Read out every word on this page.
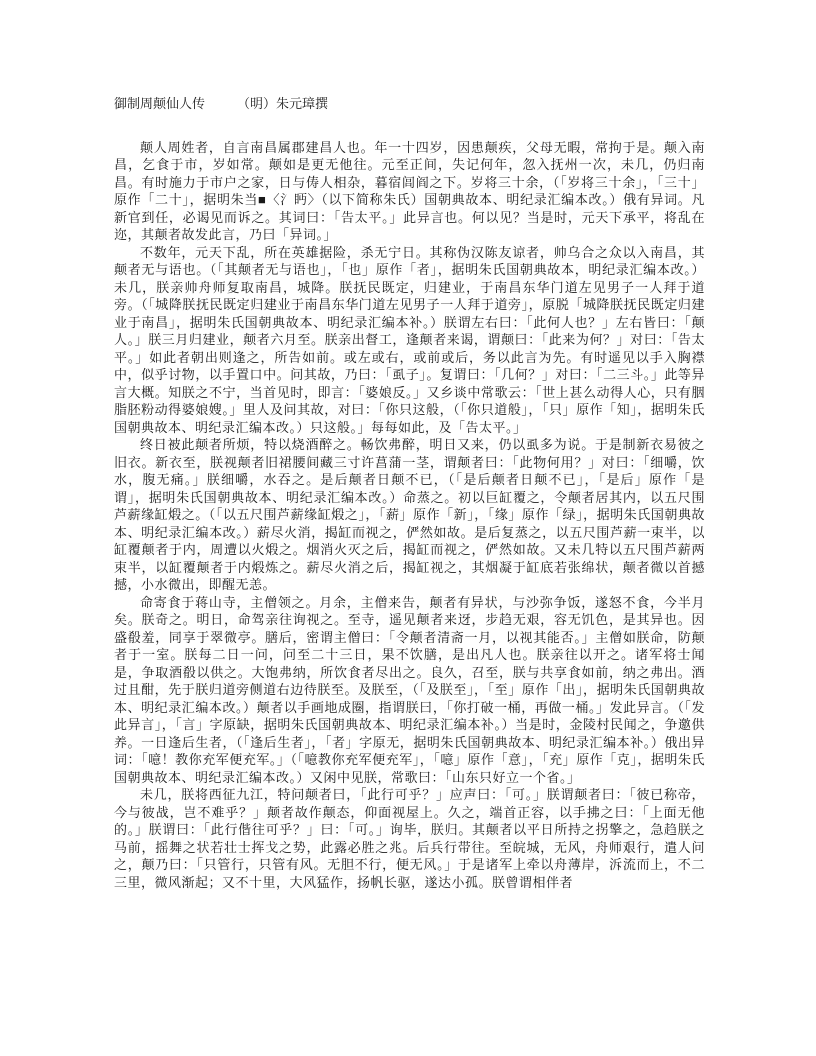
御制周颠仙人传 （明）朱元璋撰

颠人周姓者，自言南昌属郡建昌人也。年一十四岁，因患颠疾，父母无暇，常拘于是。颠入南昌，乞食于市，岁如常。颠如是更无他往。元至正间，失记何年，忽入抚州一次，未几，仍归南昌。有时施力于市户之家，日与俦人相杂，暮宿闾阎之下。岁将三十余，（「岁将三十余」，「三十」原作「二十」，据明朱当■〈氵眄〉（以下简称朱氏）国朝典故本、明纪录汇编本改。）俄有异词。凡新官到任，必谒见而诉之。其词曰：「告太平。」此异言也。何以见？当是时，元天下承平，将乱在迩，其颠者故发此言，乃曰「异词。」

不数年，元天下乱，所在英雄据险，杀无宁日。其称伪汉陈友谅者，帅乌合之众以入南昌，其颠者无与语也。（「其颠者无与语也」，「也」原作「者」，据明朱氏国朝典故本，明纪录汇编本改。）未几，朕亲帅舟师复取南昌，城降。朕抚民既定，归建业，于南昌东华门道左见男子一人拜于道旁。（「城降朕抚民既定归建业于南昌东华门道左见男子一人拜于道旁」，原脱「城降朕抚民既定归建业于南昌」，据明朱氏国朝典故本、明纪录汇编本补。）朕谓左右曰：「此何人也？」左右皆曰：「颠人。」朕三月归建业，颠者六月至。朕亲出督工，逢颠者来谒，谓颠曰：「此来为何？」对曰：「告太平。」如此者朝出则逢之，所告如前。或左或右，或前或后，务以此言为先。有时遥见以手入胸襟中，似乎讨物，以手置口中。问其故，乃曰：「虱子」。复谓曰：「几何？」对曰：「二三斗。」此等异言大概。知朕之不宁，当首见时，即言：「婆娘反。」又乡谈中常歌云：「世上甚么动得人心，只有胭脂胚粉动得婆娘嫂。」里人及问其故，对曰：「你只这般，（「你只道般」，「只」原作「知」，据明朱氏国朝典故本、明纪录汇编本改。）只这般。」每每如此，及「告太平。」

终日被此颠者所烦，特以烧酒醉之。畅饮弗醉，明日又来，仍以虱多为说。于是制新衣易彼之旧衣。新衣至，朕视颠者旧裙腰间藏三寸许菖蒲一茎，谓颠者曰：「此物何用？」对曰：「细嚼，饮水，腹无痛。」朕细嚼，水吞之。是后颠者日颠不已，（「是后颠者日颠不已」，「是后」原作「是谓」，据明朱氏国朝典故本、明纪录汇编本改。）命蒸之。初以巨缸覆之，令颠者居其内，以五尺围芦薪缘缸煅之。（「以五尺围芦薪缘缸煅之」，「薪」原作「新」，「缘」原作「绿」，据明朱氏国朝典故本、明纪录汇编本改。）薪尽火消，揭缸而视之，俨然如故。是后复蒸之，以五尺围芦薪一束半，以缸覆颠者于内，周遭以火煅之。烟消火灭之后，揭缸而视之，俨然如故。又未几特以五尺围芦薪两束半，以缸覆颠者于内煅炼之。薪尽火消之后，揭缸视之，其烟凝于缸底若张绵状，颠者微以首撼撼，小水微出，即醒无恙。

命寄食于蒋山寺，主僧领之。月余，主僧来告，颠者有异状，与沙弥争饭，遂怒不食，今半月矣。朕奇之。明日，命驾亲往询视之。至寺，遥见颠者来迓，步趋无艰，容无饥色，是其异也。因盛殽羞，同享于翠微亭。膳后，密谓主僧曰：「令颠者清斋一月，以视其能否。」主僧如朕命，防颠者于一室。朕每二日一问，问至二十三日，果不饮膳，是出凡人也。朕亲往以开之。诸军将士闻是，争取酒殽以供之。大饱弗纳，所饮食者尽出之。良久，召至，朕与共享食如前，纳之弗出。酒过且酣，先于朕归道旁侧道右边待朕至。及朕至，（「及朕至」，「至」原作「出」，据明朱氏国朝典故本、明纪录汇编本改。）颠者以手画地成圈，指谓朕曰，「你打破一桶，再做一桶。」发此异言。（「发此异言」，「言」字原缺，据明朱氏国朝典故本、明纪录汇编本补。）当是时，金陵村民闻之，争邀供养。一日逢后生者，（「逢后生者」，「者」字原无，据明朱氏国朝典故本、明纪录汇编本补。）俄出异词：「噫！教你充军便充军。」（「噫教你充军便充军」，「噫」原作「意」，「充」原作「克」，据明朱氏国朝典故本、明纪录汇编本改。）又闲中见朕，常歌曰：「山东只好立一个省。」

未几，朕将西征九江，特问颠者曰，「此行可乎？」应声曰：「可。」朕谓颠者曰：「彼已称帝，今与彼战，岂不难乎？」颠者故作颠态，仰面视屋上。久之，端首正容，以手拂之曰：「上面无他的。」朕谓曰：「此行偕往可乎？」曰：「可。」询毕，朕归。其颠者以平日所持之拐擎之，急趋朕之马前，摇舞之状若壮士挥戈之势，此露必胜之兆。后兵行带往。至皖城，无风，舟师艰行，遣人问之，颠乃曰：「只管行，只管有风。无胆不行，便无风。」于是诸军上牵以舟薄岸，泝流而上，不二三里，微风渐起；又不十里，大风猛作，扬帆长驱，遂达小孤。朕曾谓相伴者
